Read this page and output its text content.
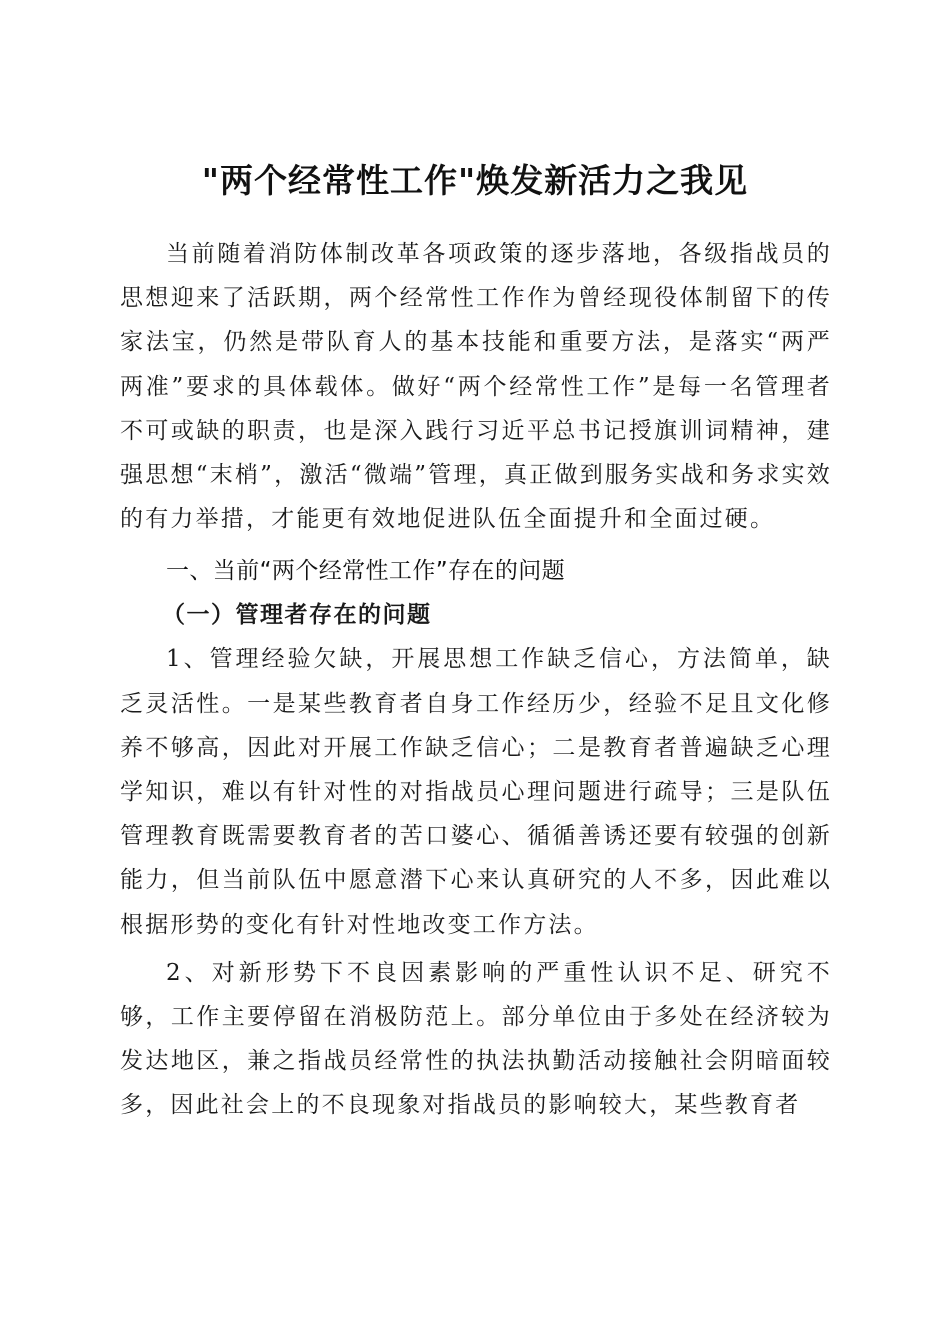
"两个经常性工作"焕发新活力之我见

当前随着消防体制改革各项政策的逐步落地，各级指战员的思想迎来了活跃期，两个经常性工作作为曾经现役体制留下的传家法宝，仍然是带队育人的基本技能和重要方法，是落实“两严两准”要求的具体载体。做好“两个经常性工作”是每一名管理者不可或缺的职责，也是深入践行习近平总书记授旗训词精神，建强思想“末梢”，激活“微端”管理，真正做到服务实战和务求实效的有力举措，才能更有效地促进队伍全面提升和全面过硬。

一、当前“两个经常性工作”存在的问题
（一）管理者存在的问题

1、管理经验欠缺，开展思想工作缺乏信心，方法简单，缺乏灵活性。一是某些教育者自身工作经历少，经验不足且文化修养不够高，因此对开展工作缺乏信心；二是教育者普遍缺乏心理学知识，难以有针对性的对指战员心理问题进行疏导；三是队伍管理教育既需要教育者的苦口婆心、循循善诱还要有较强的创新能力，但当前队伍中愿意潜下心来认真研究的人不多，因此难以根据形势的变化有针对性地改变工作方法。

2、对新形势下不良因素影响的严重性认识不足、研究不够，工作主要停留在消极防范上。部分单位由于多处在经济较为发达地区，兼之指战员经常性的执法执勤活动接触社会阴暗面较多，因此社会上的不良现象对指战员的影响较大，某些教育者
